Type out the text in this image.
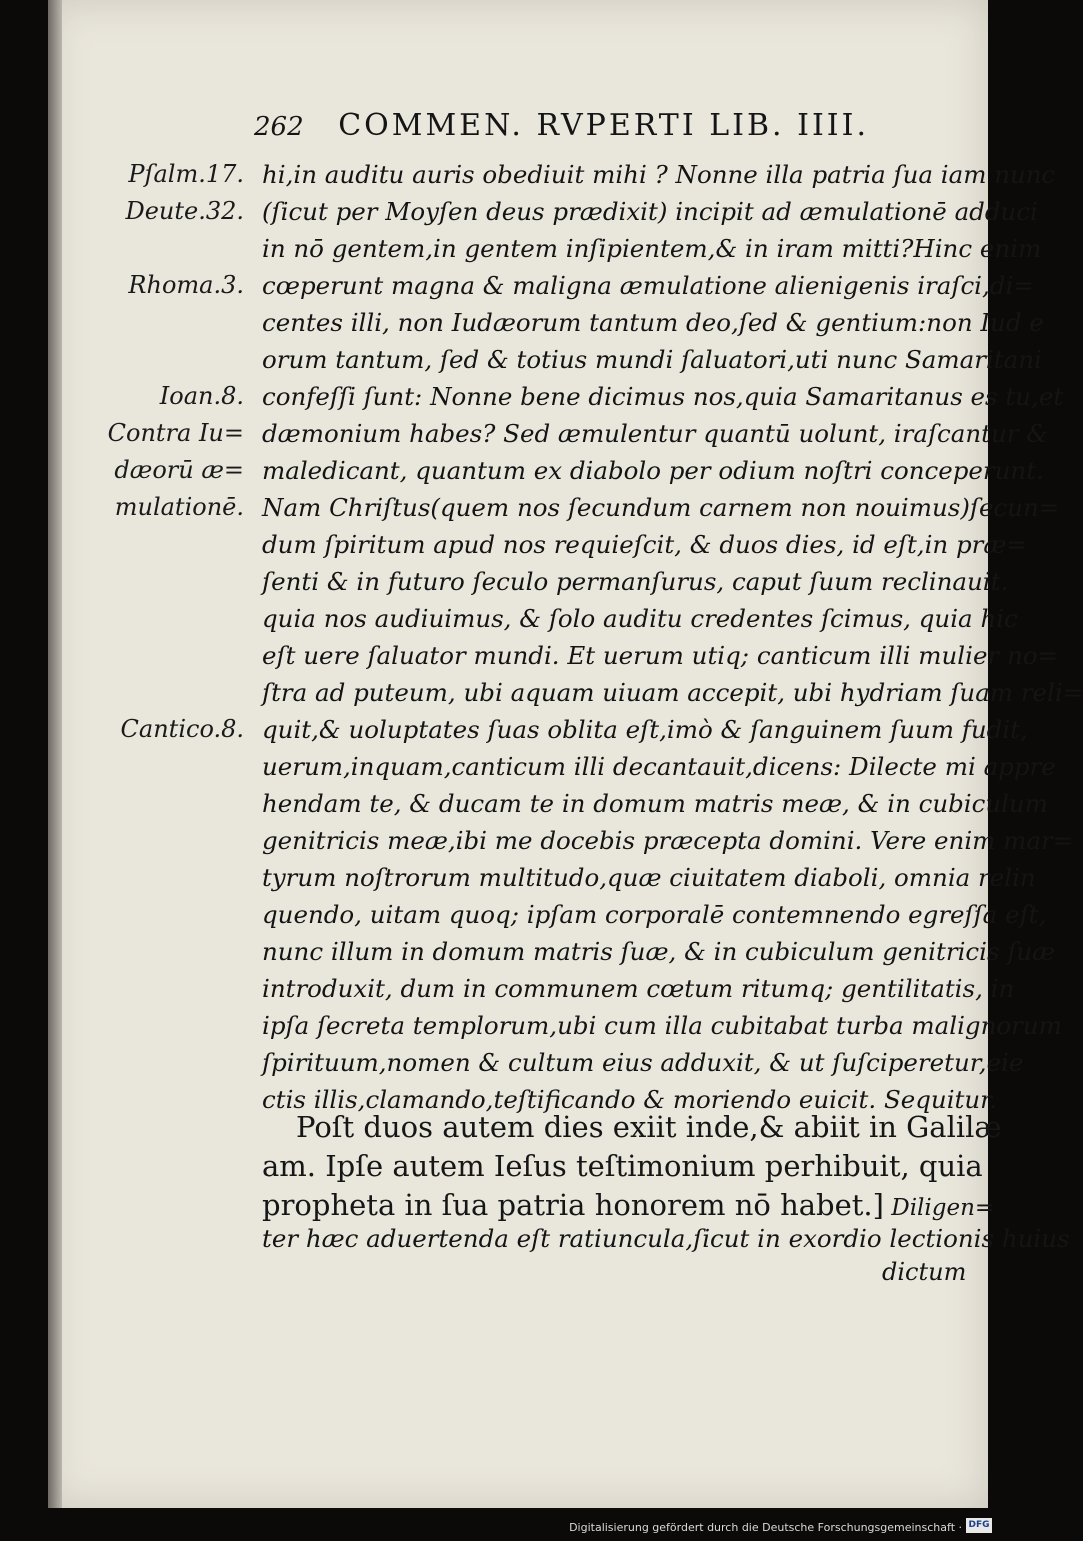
262 COMMEN. RVPERTI LIB. IIII.
Pſalm.17. hi,in auditu auris obediuit mihi ? Nonne illa patria ſua iam nunc
Deute.32. (ſicut per Moyſen deus prædixit) incipit ad æmulationē adduci
in nō gentem,in gentem inſipientem,& in iram mitti?Hinc enim
Rhoma.3. cœperunt magna & maligna æmulatione alienigenis iraſci,di=
centes illi, non Iudæorum tantum deo,ſed & gentium:non Iud e
orum tantum, ſed & totius mundi ſaluatori,uti nunc Samaritani
Ioan.8. confeſſi ſunt: Nonne bene dicimus nos,quia Samaritanus es tu,et
Contra Iu= dæmonium habes? Sed æmulentur quantū uolunt, iraſcantur &
dæorū æ= maledicant, quantum ex diabolo per odium noſtri conceperunt.
mulationē. Nam Chriſtus(quem nos ſecundum carnem non nouimus)ſecun=
dum ſpiritum apud nos requieſcit, & duos dies, id eſt,in præ=
ſenti & in futuro ſeculo permanſurus, caput ſuum reclinauit.
quia nos audiuimus, & ſolo auditu credentes ſcimus, quia hic
eſt uere ſaluator mundi. Et uerum utiq; canticum illi mulier no=
ſtra ad puteum, ubi aquam uiuam accepit, ubi hydriam ſuam reli=
Cantico.8. quit,& uoluptates ſuas oblita eſt,imò & ſanguinem ſuum fudit,
uerum,inquam,canticum illi decantauit,dicens: Dilecte mi appre
hendam te, & ducam te in domum matris meæ, & in cubiculum
genitricis meæ,ibi me docebis præcepta domini. Vere enim mar=
tyrum noſtrorum multitudo,quæ ciuitatem diaboli, omnia relin
quendo, uitam quoq; ipſam corporalē contemnendo egreſſa eſt,
nunc illum in domum matris ſuæ, & in cubiculum genitricis ſuæ
introduxit, dum in communem cœtum ritumq; gentilitatis, in
ipſa ſecreta templorum,ubi cum illa cubitabat turba malignorum
ſpirituum,nomen & cultum eius adduxit, & ut ſuſciperetur,eie
ctis illis,clamando,teſtificando & moriendo euicit. Sequitur.
Poſt duos autem dies exiit inde,& abiit in Galilæ
am. Ipſe autem Ieſus teſtimonium perhibuit, quia
propheta in ſua patria honorem nō habet.] Diligen=
ter hæc aduertenda eſt ratiuncula,ſicut in exordio lectionis huius
dictum
Digitalisierung gefördert durch die Deutsche Forschungsgemeinschaft · DFG
